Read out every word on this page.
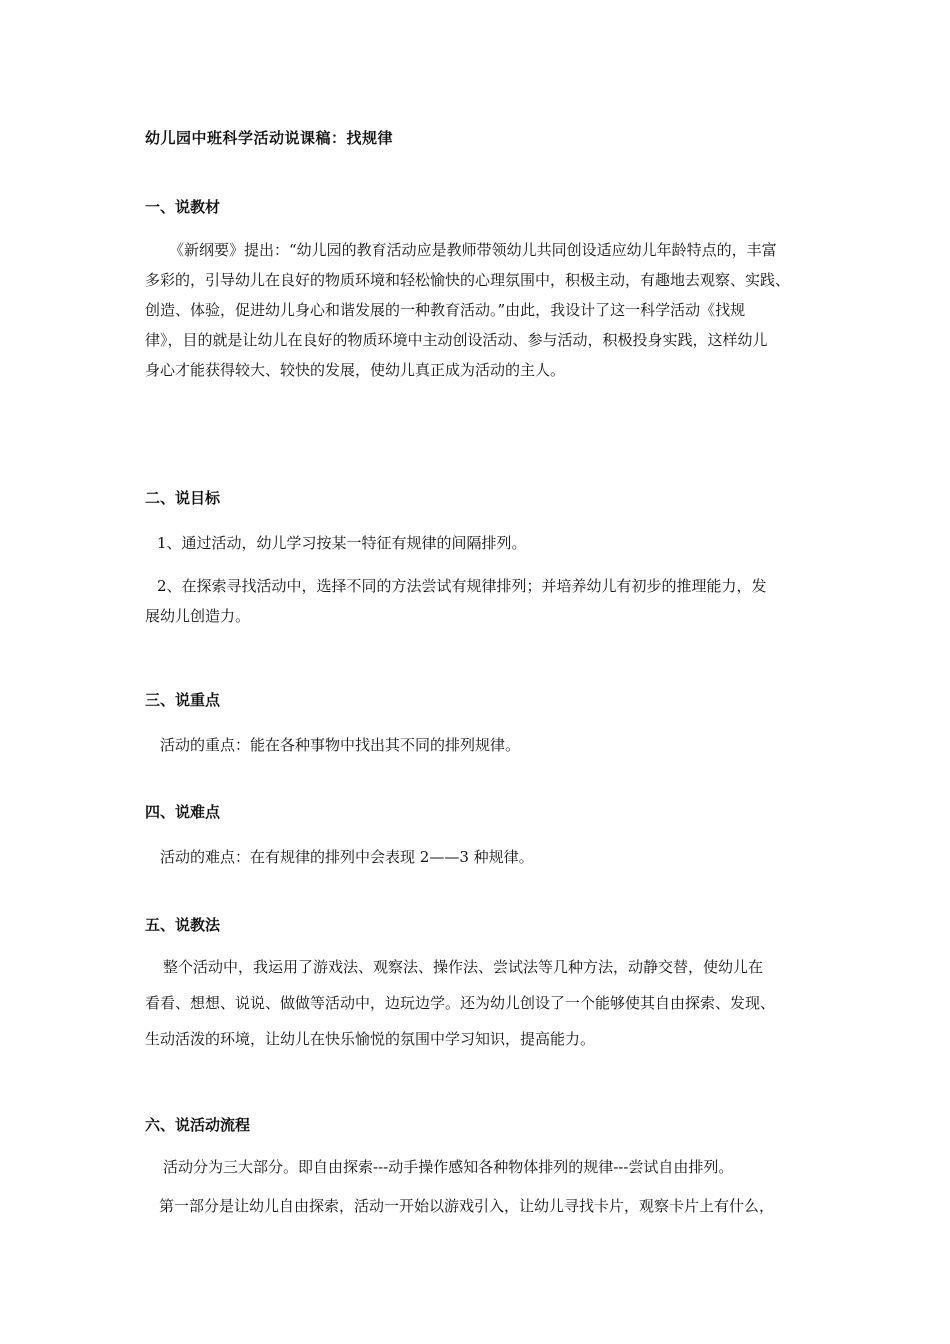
幼儿园中班科学活动说课稿：找规律
一、说教材
《新纲要》提出：“幼儿园的教育活动应是教师带领幼儿共同创设适应幼儿年龄特点的，丰富
多彩的，引导幼儿在良好的物质环境和轻松愉快的心理氛围中，积极主动，有趣地去观察、实践、
创造、体验，促进幼儿身心和谐发展的一种教育活动。”由此，我设计了这一科学活动《找规
律》，目的就是让幼儿在良好的物质环境中主动创设活动、参与活动，积极投身实践，这样幼儿
身心才能获得较大、较快的发展，使幼儿真正成为活动的主人。
二、说目标
1、通过活动，幼儿学习按某一特征有规律的间隔排列。
2、在探索寻找活动中，选择不同的方法尝试有规律排列；并培养幼儿有初步的推理能力，发
展幼儿创造力。
三、说重点
活动的重点：能在各种事物中找出其不同的排列规律。
四、说难点
活动的难点：在有规律的排列中会表现 2——3 种规律。
五、说教法
整个活动中，我运用了游戏法、观察法、操作法、尝试法等几种方法，动静交替，使幼儿在
看看、想想、说说、做做等活动中，边玩边学。还为幼儿创设了一个能够使其自由探索、发现、
生动活泼的环境，让幼儿在快乐愉悦的氛围中学习知识，提高能力。
六、说活动流程
活动分为三大部分。即自由探索---动手操作感知各种物体排列的规律---尝试自由排列。
第一部分是让幼儿自由探索，活动一开始以游戏引入，让幼儿寻找卡片，观察卡片上有什么，
